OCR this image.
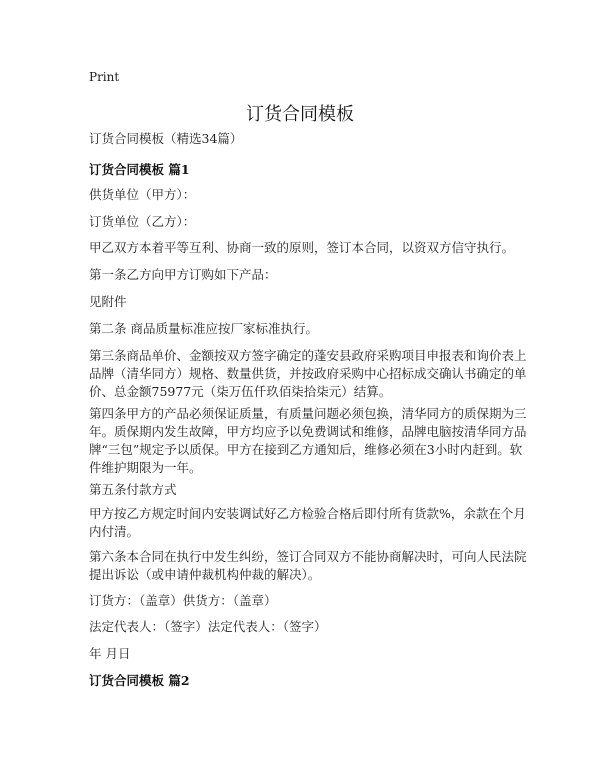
Print
订货合同模板
订货合同模板（精选34篇）
订货合同模板 篇1
供货单位（甲方）：
订货单位（乙方）：
甲乙双方本着平等互利、协商一致的原则，签订本合同，以资双方信守执行。
第一条乙方向甲方订购如下产品：
见附件
第二条 商品质量标准应按厂家标准执行。
第三条商品单价、金额按双方签字确定的蓬安县政府采购项目申报表和询价表上品牌（清华同方）规格、数量供货，并按政府采购中心招标成交确认书确定的单价、总金额75977元（柒万伍仟玖佰柒拾柒元）结算。
第四条甲方的产品必须保证质量，有质量问题必须包换，清华同方的质保期为三年。质保期内发生故障，甲方均应予以免费调试和维修，品牌电脑按清华同方品牌“三包”规定予以质保。甲方在接到乙方通知后，维修必须在3小时内赶到。软件维护期限为一年。
第五条付款方式
甲方按乙方规定时间内安装调试好乙方检验合格后即付所有货款%，余款在个月内付清。
第六条本合同在执行中发生纠纷，签订合同双方不能协商解决时，可向人民法院提出诉讼（或申请仲裁机构仲裁的解决）。
订货方：（盖章）供货方：（盖章）
法定代表人：（签字）法定代表人：（签字）
年 月日
订货合同模板 篇2
